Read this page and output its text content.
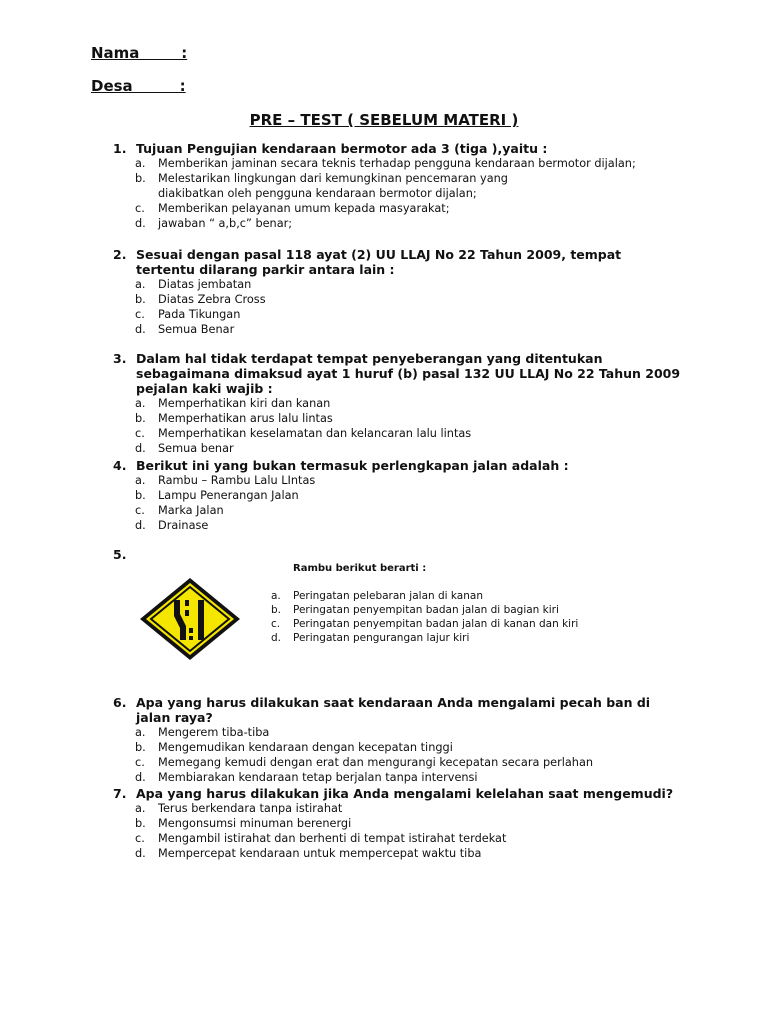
Nama        :
Desa         :
PRE – TEST ( SEBELUM MATERI )
1. Tujuan Pengujian kendaraan bermotor ada 3 (tiga ),yaitu :
a.	Memberikan jaminan secara teknis terhadap pengguna kendaraan bermotor dijalan;
b.	Melestarikan lingkungan dari kemungkinan pencemaran yang diakibatkan oleh pengguna kendaraan bermotor dijalan;
c.	Memberikan pelayanan umum kepada masyarakat;
d.	jawaban “ a,b,c” benar;
2. Sesuai dengan pasal 118 ayat (2) UU LLAJ No 22 Tahun 2009, tempat tertentu dilarang parkir antara lain :
a.	Diatas jembatan
b.	Diatas Zebra Cross
c.	Pada Tikungan
d.	Semua Benar
3. Dalam hal tidak terdapat tempat penyeberangan yang ditentukan sebagaimana dimaksud ayat 1 huruf (b) pasal 132 UU LLAJ No 22 Tahun 2009 pejalan kaki wajib :
a.	Memperhatikan kiri dan kanan
b.	Memperhatikan arus lalu lintas
c.	Memperhatikan keselamatan dan kelancaran lalu lintas
d.	Semua benar
4. Berikut ini yang bukan termasuk perlengkapan jalan adalah :
a.	Rambu – Rambu Lalu LIntas
b.	Lampu Penerangan Jalan
c.	Marka Jalan
d.	Drainase
5.
Rambu berikut berarti :
a.	Peringatan pelebaran jalan di kanan
b.	Peringatan penyempitan badan jalan di bagian kiri
c.	Peringatan penyempitan badan jalan di kanan dan kiri
d.	Peringatan pengurangan lajur kiri
6. Apa yang harus dilakukan saat kendaraan Anda mengalami pecah ban di jalan raya?
a.	Mengerem tiba-tiba
b.	Mengemudikan kendaraan dengan kecepatan tinggi
c.	Memegang kemudi dengan erat dan mengurangi kecepatan secara perlahan
d.	Membiarakan kendaraan tetap berjalan tanpa intervensi
7. Apa yang harus dilakukan jika Anda mengalami kelelahan saat mengemudi?
a.	Terus berkendara tanpa istirahat
b.	Mengonsumsi minuman berenergi
c.	Mengambil istirahat dan berhenti di tempat istirahat terdekat
d.	Mempercepat kendaraan untuk mempercepat waktu tiba
